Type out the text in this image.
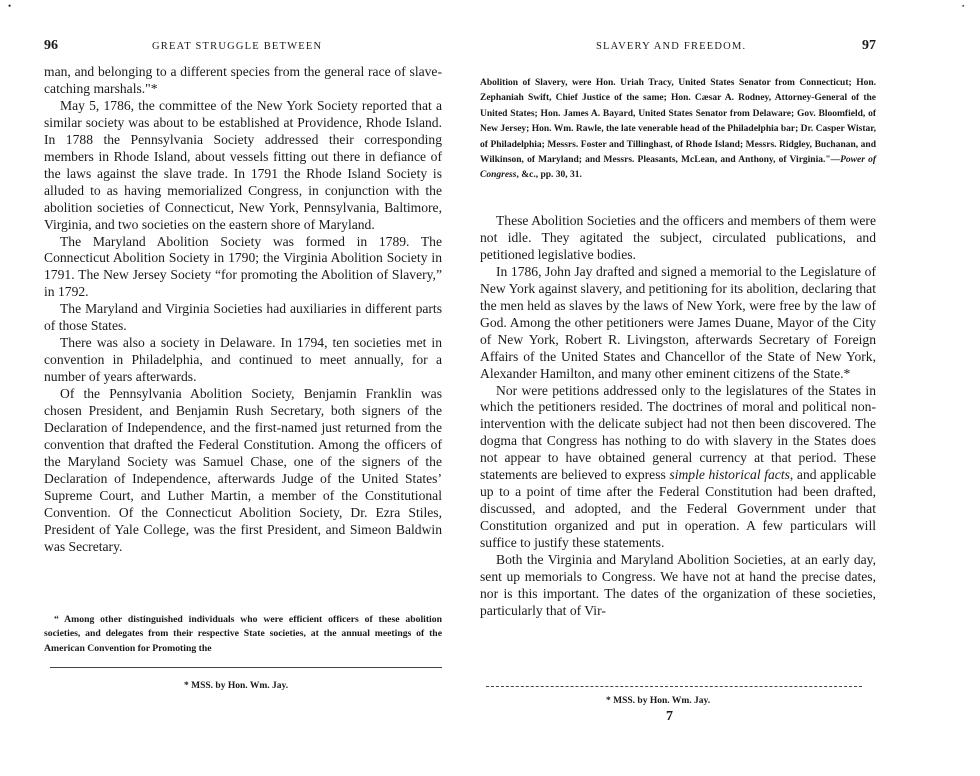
•	▪
96	GREAT STRUGGLE BETWEEN

man, and belonging to a different species from the general race of slave-catching marshals."*

May 5, 1786, the committee of the New York Society reported that a similar society was about to be established at Providence, Rhode Island. In 1788 the Pennsylvania Society addressed their corresponding members in Rhode Island, about vessels fitting out there in defiance of the laws against the slave trade. In 1791 the Rhode Island Society is alluded to as having memorialized Congress, in conjunction with the abolition societies of Connecticut, New York, Pennsylvania, Baltimore, Virginia, and two societies on the eastern shore of Maryland.

The Maryland Abolition Society was formed in 1789. The Connecticut Abolition Society in 1790; the Virginia Abolition Society in 1791. The New Jersey Society “for promoting the Abolition of Slavery,” in 1792.

The Maryland and Virginia Societies had auxiliaries in different parts of those States.

There was also a society in Delaware. In 1794, ten societies met in convention in Philadelphia, and continued to meet annually, for a number of years afterwards.

Of the Pennsylvania Abolition Society, Benjamin Franklin was chosen President, and Benjamin Rush Secretary, both signers of the Declaration of Independence, and the first-named just returned from the convention that drafted the Federal Constitution. Among the officers of the Maryland Society was Samuel Chase, one of the signers of the Declaration of Independence, afterwards Judge of the United States’ Supreme Court, and Luther Martin, a member of the Constitutional Convention. Of the Connecticut Abolition Society, Dr. Ezra Stiles, President of Yale College, was the first President, and Simeon Baldwin was Secretary.

“ Among other distinguished individuals who were efficient officers of these abolition societies, and delegates from their respective State societies, at the annual meetings of the American Convention for Promoting the

* MSS. by Hon. Wm. Jay.
SLAVERY AND FREEDOM.	97

Abolition of Slavery, were Hon. Uriah Tracy, United States Senator from Connecticut; Hon. Zephaniah Swift, Chief Justice of the same; Hon. Cæsar A. Rodney, Attorney-General of the United States; Hon. James A. Bayard, United States Senator from Delaware; Gov. Bloomfield, of New Jersey; Hon. Wm. Rawle, the late venerable head of the Philadelphia bar; Dr. Casper Wistar, of Philadelphia; Messrs. Foster and Tillinghast, of Rhode Island; Messrs. Ridgley, Buchanan, and Wilkinson, of Maryland; and Messrs. Pleasants, McLean, and Anthony, of Virginia."—Power of Congress, &c., pp. 30, 31.

These Abolition Societies and the officers and members of them were not idle. They agitated the subject, circulated publications, and petitioned legislative bodies.

In 1786, John Jay drafted and signed a memorial to the Legislature of New York against slavery, and petitioning for its abolition, declaring that the men held as slaves by the laws of New York, were free by the law of God. Among the other petitioners were James Duane, Mayor of the City of New York, Robert R. Livingston, afterwards Secretary of Foreign Affairs of the United States and Chancellor of the State of New York, Alexander Hamilton, and many other eminent citizens of the State.*

Nor were petitions addressed only to the legislatures of the States in which the petitioners resided. The doctrines of moral and political non-intervention with the delicate subject had not then been discovered. The dogma that Congress has nothing to do with slavery in the States does not appear to have obtained general currency at that period. These statements are believed to express simple historical facts, and applicable up to a point of time after the Federal Constitution had been drafted, discussed, and adopted, and the Federal Government under that Constitution organized and put in operation. A few particulars will suffice to justify these statements.

Both the Virginia and Maryland Abolition Societies, at an early day, sent up memorials to Congress. We have not at hand the precise dates, nor is this important. The dates of the organization of these societies, particularly that of Vir-

* MSS. by Hon. Wm. Jay.
7
